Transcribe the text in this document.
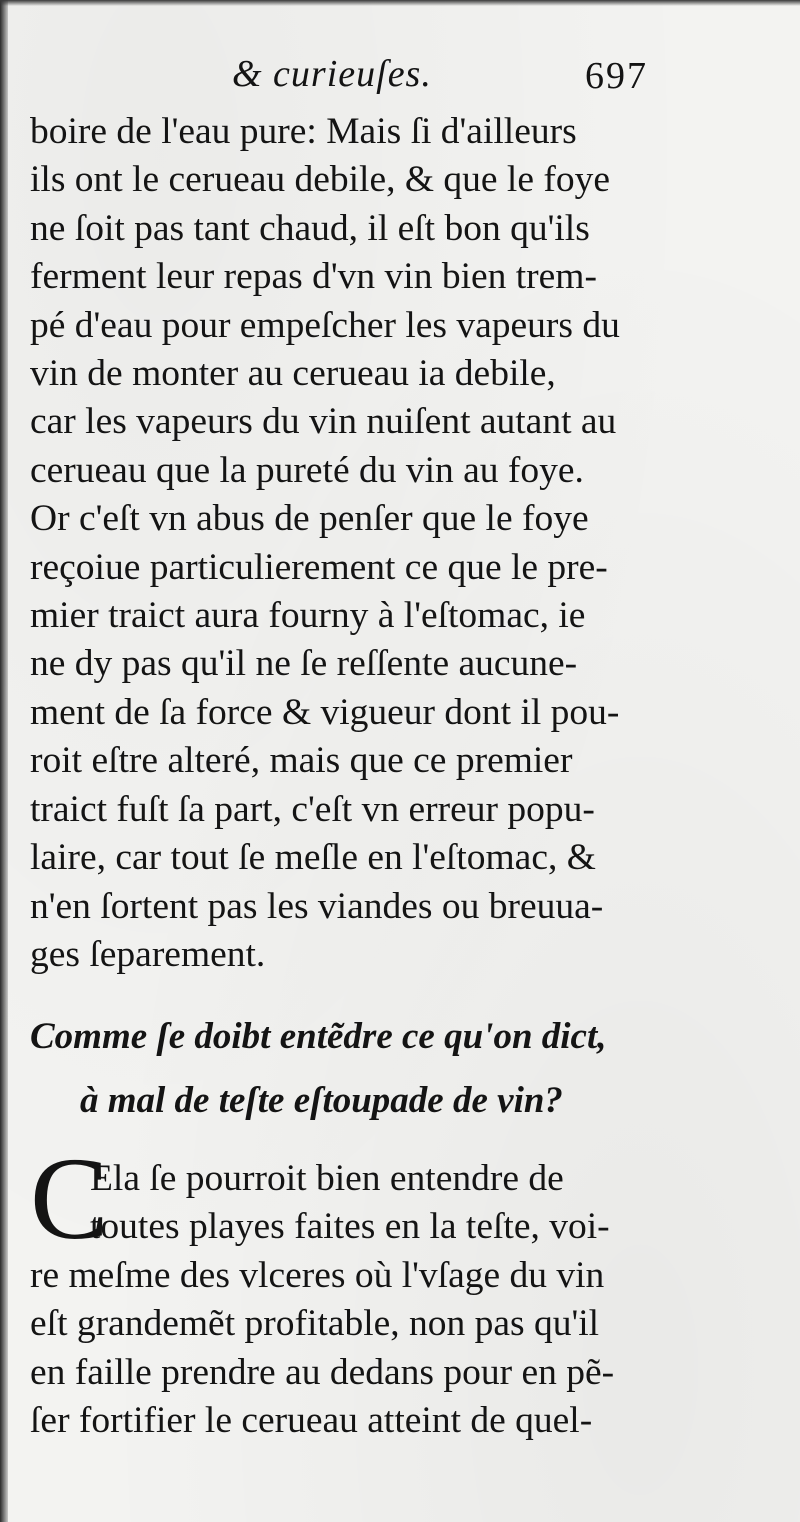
& curieuſes.	697
boire de l'eau pure: Mais ſi d'ailleurs
ils ont le cerueau debile, & que le foye
ne ſoit pas tant chaud, il eſt bon qu'ils
ferment leur repas d'vn vin bien trem-
pé d'eau pour empeſcher les vapeurs du
vin de monter au cerueau ia debile,
car les vapeurs du vin nuiſent autant au
cerueau que la pureté du vin au foye.
Or c'eſt vn abus de penſer que le foye
reçoiue particulierement ce que le pre-
mier traict aura fourny à l'eſtomac, ie
ne dy pas qu'il ne ſe reſſente aucune-
ment de ſa force & vigueur dont il pou-
roit eſtre alteré, mais que ce premier
traict fuſt ſa part, c'eſt vn erreur popu-
laire, car tout ſe meſle en l'eſtomac, &
n'en ſortent pas les viandes ou breuua-
ges ſeparement.
Comme ſe doibt entẽdre ce qu'on dict,
à mal de teſte eſtoupade de vin?
C
Ela ſe pourroit bien entendre de
toutes playes faites en la teſte, voi-
re meſme des vlceres où l'vſage du vin
eſt grandemẽt profitable, non pas qu'il
en faille prendre au dedans pour en pẽ-
ſer fortifier le cerueau atteint de quel-
